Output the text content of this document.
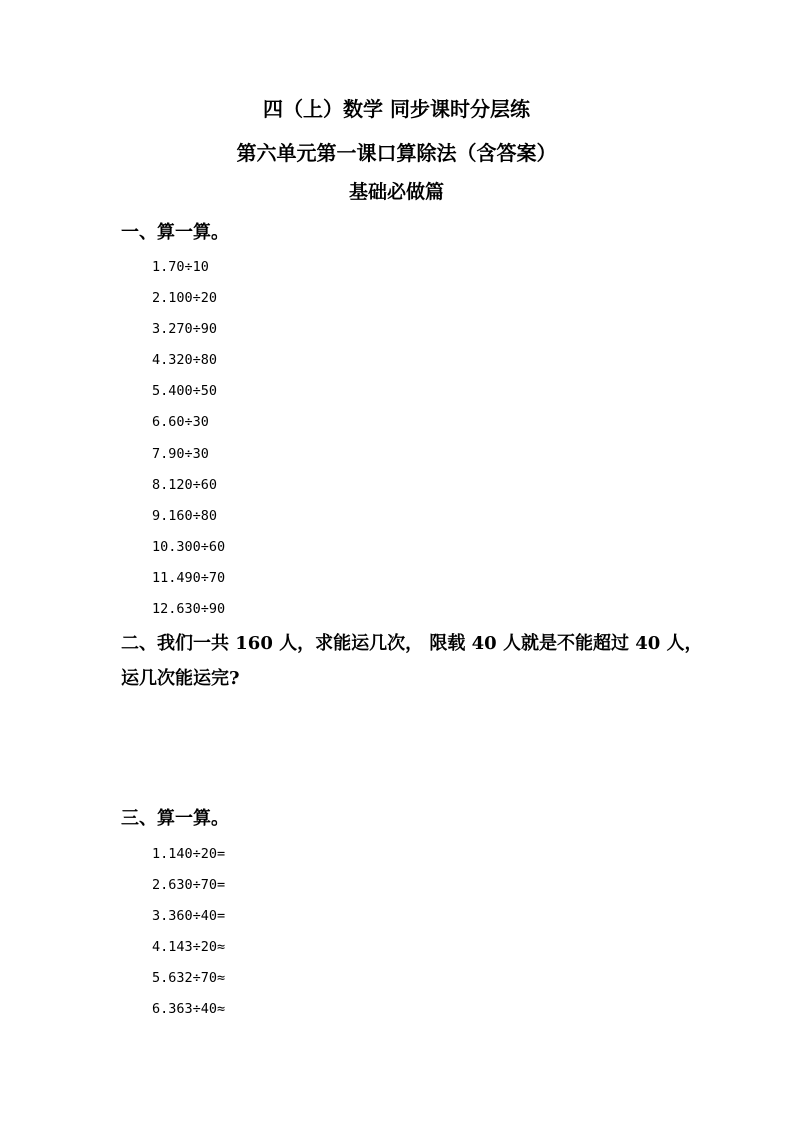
四（上）数学 同步课时分层练
第六单元第一课口算除法（含答案）
基础必做篇
一、算一算。
1.70÷10
2.100÷20
3.270÷90
4.320÷80
5.400÷50
6.60÷30
7.90÷30
8.120÷60
9.160÷80
10.300÷60
11.490÷70
12.630÷90
二、我们一共 160 人，求能运几次， 限载 40 人就是不能超过 40 人，
运几次能运完?
三、算一算。
1.140÷20=
2.630÷70=
3.360÷40=
4.143÷20≈
5.632÷70≈
6.363÷40≈
